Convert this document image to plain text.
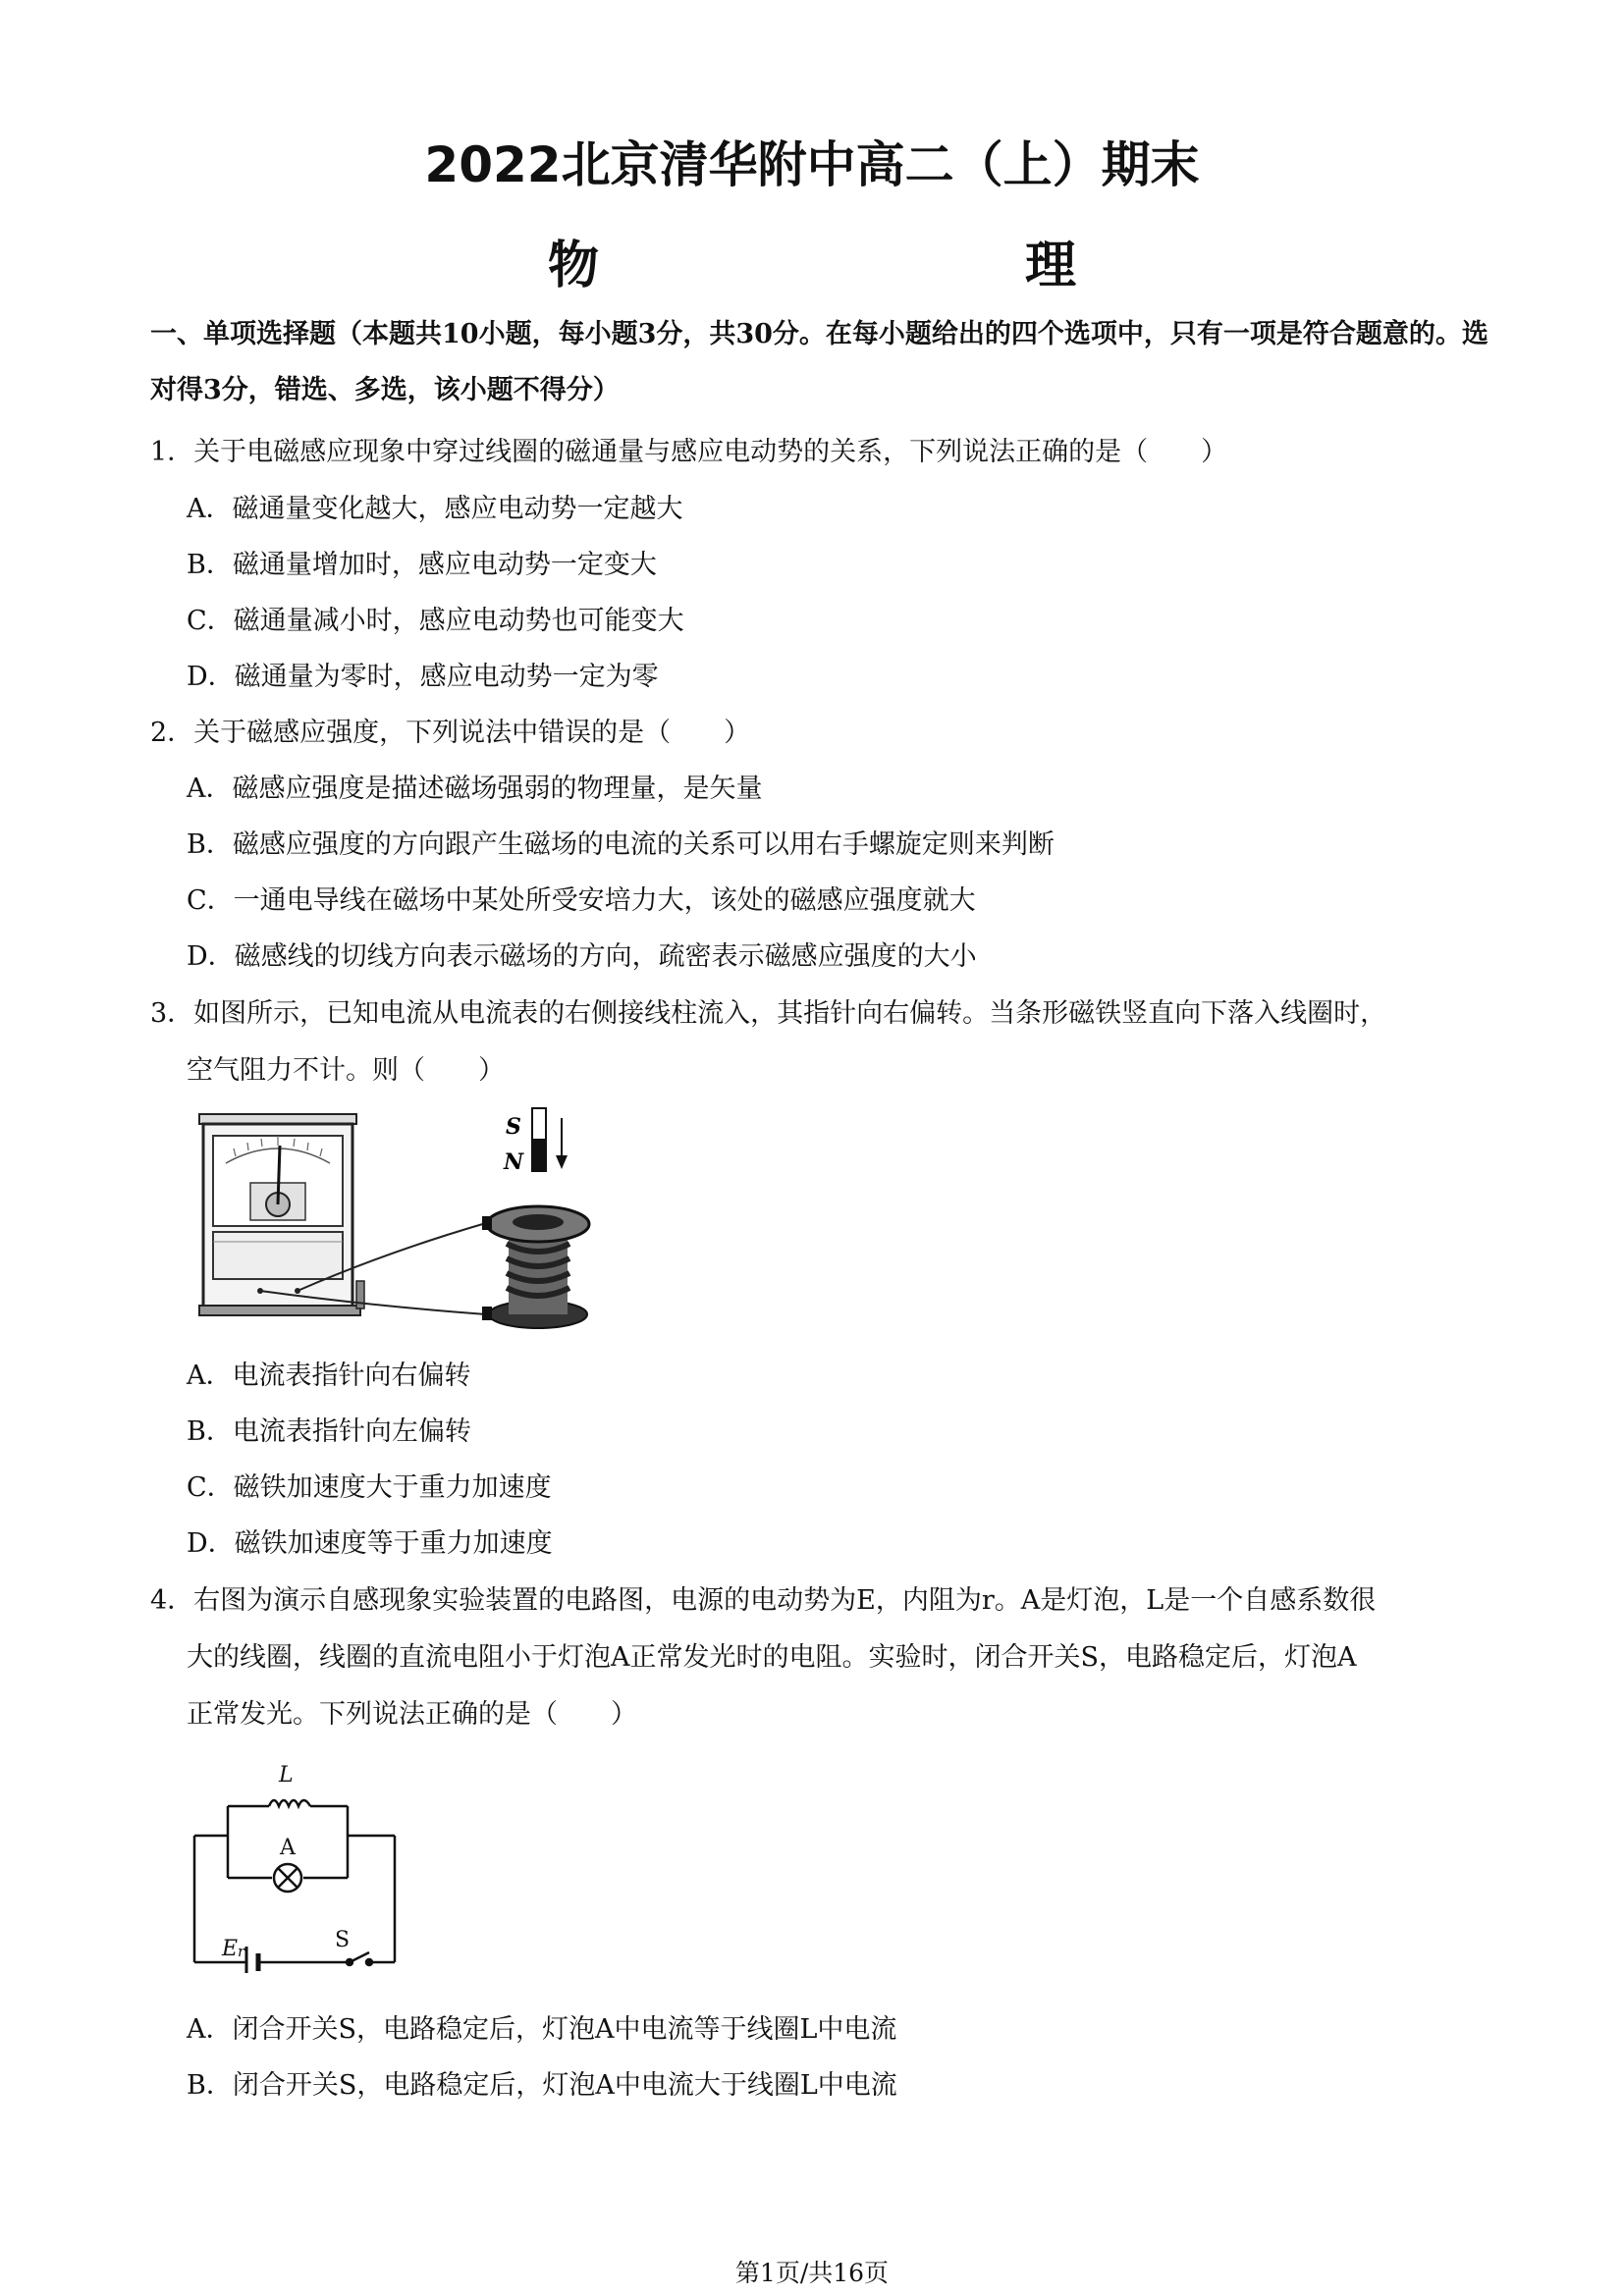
2022北京清华附中高二（上）期末
物　　理
一、单项选择题（本题共10小题，每小题3分，共30分。在每小题给出的四个选项中，只有一项是符合题意的。选对得3分，错选、多选，该小题不得分）
1．关于电磁感应现象中穿过线圈的磁通量与感应电动势的关系，下列说法正确的是（　　）
A．磁通量变化越大，感应电动势一定越大
B．磁通量增加时，感应电动势一定变大
C．磁通量减小时，感应电动势也可能变大
D．磁通量为零时，感应电动势一定为零
2．关于磁感应强度，下列说法中错误的是（　　）
A．磁感应强度是描述磁场强弱的物理量，是矢量
B．磁感应强度的方向跟产生磁场的电流的关系可以用右手螺旋定则来判断
C．一通电导线在磁场中某处所受安培力大，该处的磁感应强度就大
D．磁感线的切线方向表示磁场的方向，疏密表示磁感应强度的大小
3．如图所示，已知电流从电流表的右侧接线柱流入，其指针向右偏转。当条形磁铁竖直向下落入线圈时，
空气阻力不计。则（　　）
S
N
A．电流表指针向右偏转
B．电流表指针向左偏转
C．磁铁加速度大于重力加速度
D．磁铁加速度等于重力加速度
4．右图为演示自感现象实验装置的电路图，电源的电动势为E，内阻为r。A是灯泡，L是一个自感系数很
大的线圈，线圈的直流电阻小于灯泡A正常发光时的电阻。实验时，闭合开关S，电路稳定后，灯泡A
正常发光。下列说法正确的是（　　）
L
A
E r	S
A．闭合开关S，电路稳定后，灯泡A中电流等于线圈L中电流
B．闭合开关S，电路稳定后，灯泡A中电流大于线圈L中电流
第1页/共16页
